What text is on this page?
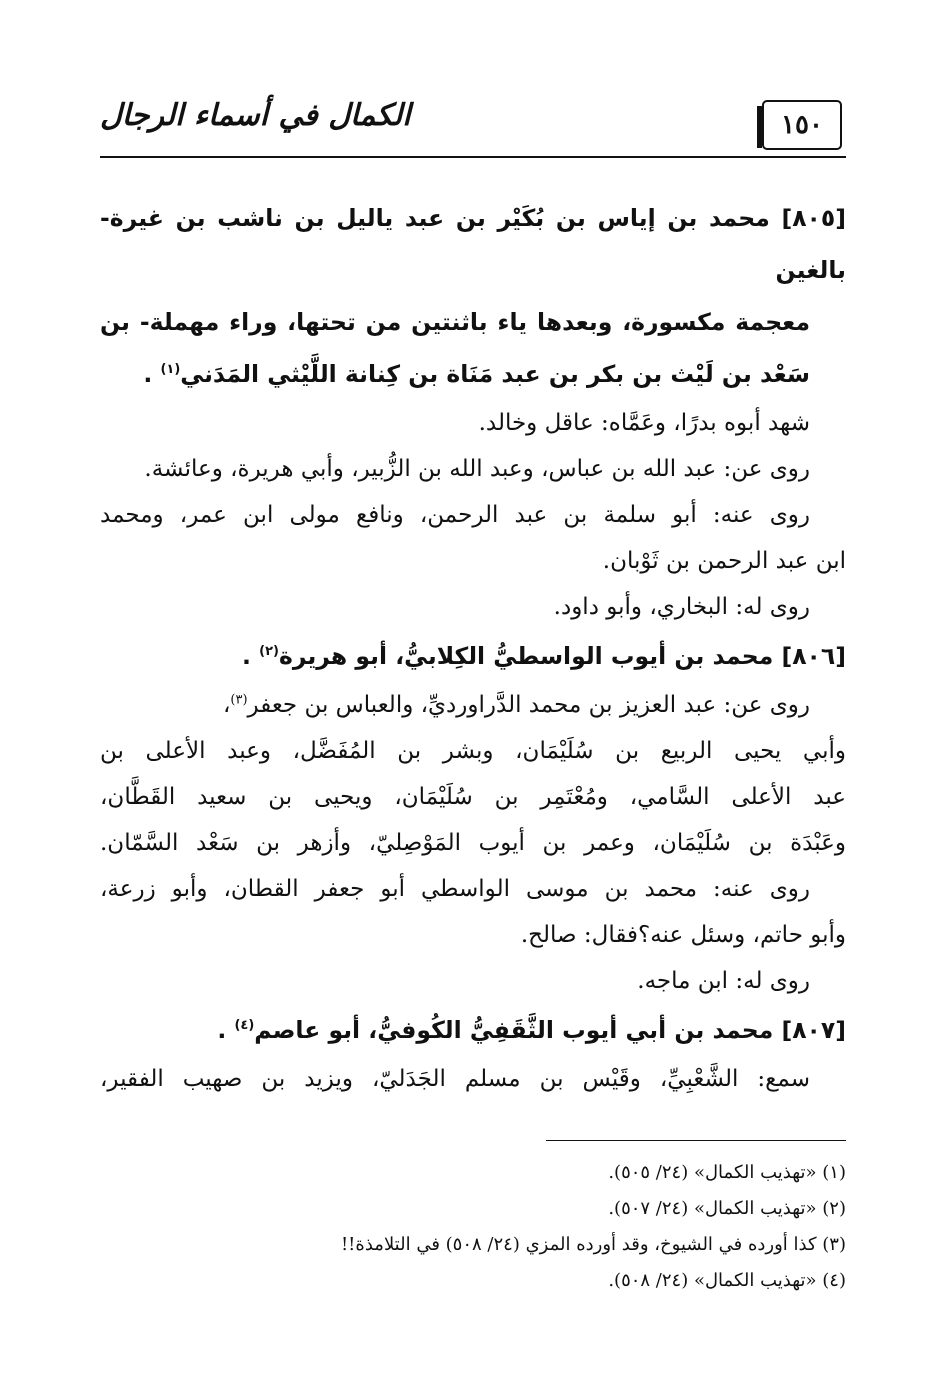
١٥٠
الكمال في أسماء الرجال

[٨٠٥] محمد بن إياس بن بُكَيْر بن عبد ياليل بن ناشب بن غيرة-بالغين

معجمة مكسورة، وبعدها ياء باثنتين من تحتها، وراء مهملة- بن

سَعْد بن لَيْث بن بكر بن عبد مَنَاة بن كِنانة اللَّيْثي المَدَني$^{(١)}$ .

شهد أبوه بدرًا، وعَمَّاه: عاقل وخالد.

روى عن: عبد الله بن عباس، وعبد الله بن الزُّبير، وأبي هريرة، وعائشة.

روى عنه: أبو سلمة بن عبد الرحمن، ونافع مولى ابن عمر، ومحمد

ابن عبد الرحمن بن ثَوْبان.

روى له: البخاري، وأبو داود.

[٨٠٦] محمد بن أيوب الواسطيُّ الكِلابيُّ، أبو هريرة$^{(٢)}$ .

روى عن: عبد العزيز بن محمد الدَّراورديِّ، والعباس بن جعفر$^{(٣)}$،

وأبي يحيى الربيع بن سُلَيْمَان، وبشر بن المُفَضَّل، وعبد الأعلى بن

عبد الأعلى السَّامي، ومُعْتَمِر بن سُلَيْمَان، ويحيى بن سعيد القَطَّان،

وعَبْدَة بن سُلَيْمَان، وعمر بن أيوب المَوْصِليّ، وأزهر بن سَعْد السَّمّان.

روى عنه: محمد بن موسى الواسطي أبو جعفر القطان، وأبو زرعة،

وأبو حاتم، وسئل عنه؟فقال: صالح.

روى له: ابن ماجه.

[٨٠٧] محمد بن أبي أيوب الثَّقَفِيُّ الكُوفيُّ، أبو عاصم$^{(٤)}$ .

سمع: الشَّعْبِيِّ، وقَيْس بن مسلم الجَدَليّ، ويزيد بن صهيب الفقير،

(١) «تهذيب الكمال» (٢٤/ ٥٠٥).

(٢) «تهذيب الكمال» (٢٤/ ٥٠٧).

(٣) كذا أورده في الشيوخ، وقد أورده المزي (٢٤/ ٥٠٨) في التلامذة!!

(٤) «تهذيب الكمال» (٢٤/ ٥٠٨).
